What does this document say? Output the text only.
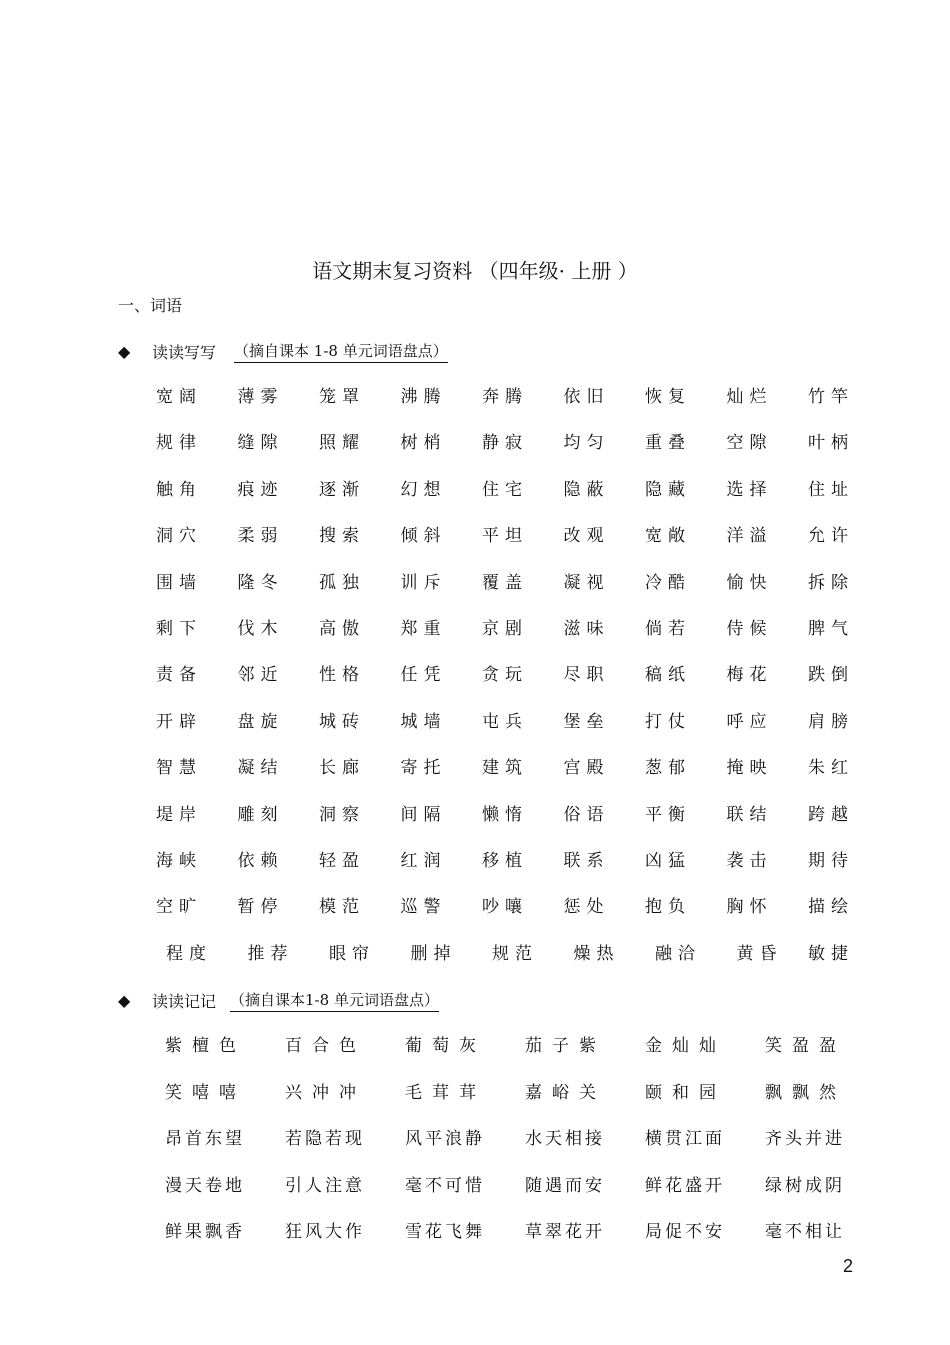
语文期末复习资料 （四年级· 上册 ）
一、词语
◆	读读写写 （摘自课本 1-8 单元词语盘点）
宽阔	薄雾	笼罩	沸腾	奔腾	依旧	恢复	灿烂	竹竿
规律	缝隙	照耀	树梢	静寂	均匀	重叠	空隙	叶柄
触角	痕迹	逐渐	幻想	住宅	隐蔽	隐藏	选择	住址
洞穴	柔弱	搜索	倾斜	平坦	改观	宽敞	洋溢	允许
围墙	隆冬	孤独	训斥	覆盖	凝视	冷酷	愉快	拆除
剩下	伐木	高傲	郑重	京剧	滋味	倘若	侍候	脾气
责备	邻近	性格	任凭	贪玩	尽职	稿纸	梅花	跌倒
开辟	盘旋	城砖	城墙	屯兵	堡垒	打仗	呼应	肩膀
智慧	凝结	长廊	寄托	建筑	宫殿	葱郁	掩映	朱红
堤岸	雕刻	洞察	间隔	懒惰	俗语	平衡	联结	跨越
海峡	依赖	轻盈	红润	移植	联系	凶猛	袭击	期待
空旷	暂停	模范	巡警	吵嚷	惩处	抱负	胸怀	描绘
程度	推荐	眼帘	删掉	规范	燥热	融洽	黄昏	敏捷
◆	读读记记 （摘自课本1-8 单元词语盘点）
紫檀色	百合色	葡萄灰	茄子紫	金灿灿	笑盈盈
笑嘻嘻	兴冲冲	毛茸茸	嘉峪关	颐和园	飘飘然
昂首东望	若隐若现	风平浪静	水天相接	横贯江面	齐头并进
漫天卷地	引人注意	毫不可惜	随遇而安	鲜花盛开	绿树成阴
鲜果飘香	狂风大作	雪花飞舞	草翠花开	局促不安	毫不相让
2
